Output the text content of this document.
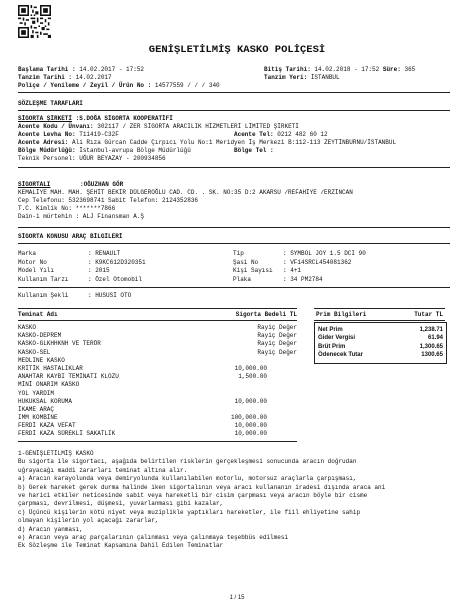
GENİŞLETİLMİŞ KASKO POLİÇESİ
Başlama Tarihi : 14.02.2017 - 17:52
Tanzim Tarihi : 14.02.2017
Poliçe / Yenileme / Zeyil / Ürün No : 14577559 / / / 340
Bitiş Tarihi: 14.02.2018 - 17:52 Süre: 365
Tanzim Yeri: İSTANBUL
SÖZLEŞME TARAFLARI
SİGORTA ŞİRKETİ :S.DOĞA SİGORTA KOOPERATİFİ
Acente Kodu / Ünvanı: 302117 / ZER SİGORTA ARACILIK HİZMETLERİ LİMİTED ŞİRKETİ
Acente Levha No: T11419-C32F	Acente Tel: 0212 482 60 12
Acente Adresi: Ali Rıza Gürcan Cadde Çırpıcı Yolu No:1 Meridyen İş Merkezi B:112-113 ZEYTİNBURNU/İSTANBUL
Bölge Müdürlüğü: İstanbul-avrupa Bölge Müdürlüğü	Bölge Tel :
Teknik Personel: UĞUR BEYAZAY - 200934856
SİGORTALI	:OĞUZHAN GÖR
KEMALİYE MAH. MAH. ŞEHİT BEKİR DÜLGEROĞLU CAD. CD. . SK. NO:35 D:2 AKARSU /REFAHİYE /ERZİNCAN
Cep Telefonu: 5323698741 Sabit Telefon: 2124352836
T.C. Kimlik No: *******7866
Dain-i mürtehin : ALJ Finansman A.Ş
SİGORTA KONUSU ARAÇ BİLGİLERİ
Marka	: RENAULT
Motor No	: K9KC612D320351
Model Yılı	: 2015
Kullanım Tarzı	: Özel Otomobil
Tip	: SYMBOL JOY 1.5 DCI 90
Şasi No	: VF14SRCL454081362
Kişi Sayısı : 4+1
Plaka	: 34 PM2784
Kullanım Şekli	: HUSUSİ OTO
Teminat Adı	Sigorta Bedeli TL
KASKO	Rayiç Değer
KASKO-DEPREM	Rayiç Değer
KASKO-GLKHHKNH VE TERÖR	Rayiç Değer
KASKO-SEL	Rayiç Değer
MEDLINE KASKO
KRİTİK HASTALIKLAR	10,000.00
ANAHTAR KAYBI TEMİNATI KLOZU	1,500.00
MİNİ ONARIM KASKO
YOL YARDIM
HUKUKSAL KORUMA	10,000.00
İKAME ARAÇ
IMM KOMBİNE	100,000.00
FERDİ KAZA VEFAT	10,000.00
FERDİ KAZA SÜREKLİ SAKATLIK	10,000.00
Prim Bilgileri	Tutar TL
Net Prim	1,238.71
Gider Vergisi	61.94
Brüt Prim	1,300.65
Ödenecek Tutar	1300.65
1-GENİŞLETİLMİŞ KASKO
Bu sigorta ile sigortacı, aşağıda belirtilen risklerin gerçekleşmesi sonucunda aracın doğrudan
uğrayacağı maddi zararları teminat altına alır.
a) Aracın karayolunda veya demiryolunda kullanılabilen motorlu, motorsuz araçlarla çarpışması,
b) Gerek hareket gerek durma halinde iken sigortalının veya aracı kullananın iradesi dışında araca ani
ve harici etkiler neticesinde sabit veya hareketli bir cisim çarpması veya aracın böyle bir cisme
çarpması, devrilmesi, düşmesi, yuvarlanması gibi kazalar,
c) Üçüncü kişilerin kötü niyet veya muziplikle yaptıkları hareketler, ile fiil ehliyetine sahip
olmayan kişilerin yol açacağı zararlar,
d) Aracın yanması,
e) Aracın veya araç parçalarının çalınması veya çalınmaya teşebbüs edilmesi
Ek Sözleşme ile Teminat Kapsamına Dahil Edilen Teminatlar
1 / 15
